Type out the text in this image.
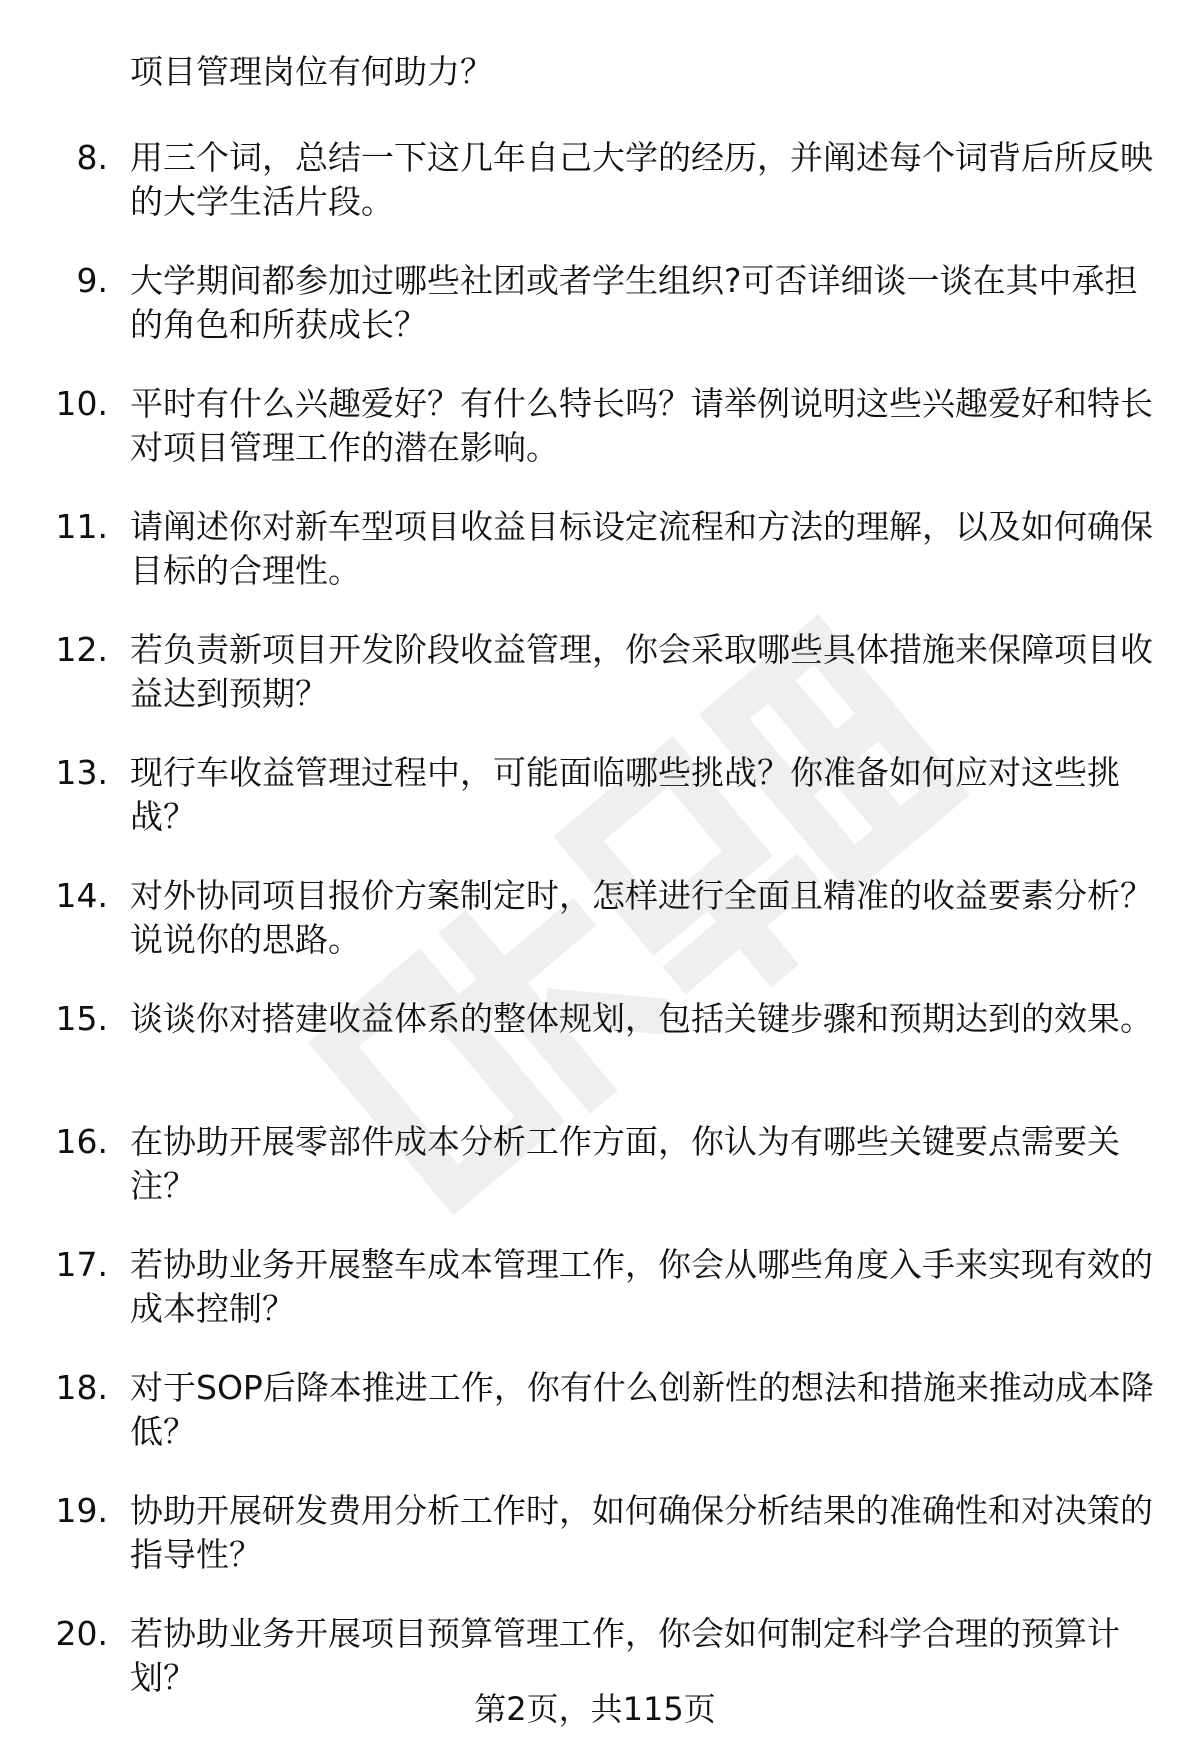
项目管理岗位有何助力？

8. 用三个词，总结一下这几年自己大学的经历，并阐述每个词背后所反映的大学生活片段。

9. 大学期间都参加过哪些社团或者学生组织?可否详细谈一谈在其中承担的角色和所获成长？

10. 平时有什么兴趣爱好？有什么特长吗？请举例说明这些兴趣爱好和特长对项目管理工作的潜在影响。

11. 请阐述你对新车型项目收益目标设定流程和方法的理解，以及如何确保目标的合理性。

12. 若负责新项目开发阶段收益管理，你会采取哪些具体措施来保障项目收益达到预期？

13. 现行车收益管理过程中，可能面临哪些挑战？你准备如何应对这些挑战？

14. 对外协同项目报价方案制定时，怎样进行全面且精准的收益要素分析？说说你的思路。

15. 谈谈你对搭建收益体系的整体规划，包括关键步骤和预期达到的效果。

16. 在协助开展零部件成本分析工作方面，你认为有哪些关键要点需要关注？

17. 若协助业务开展整车成本管理工作，你会从哪些角度入手来实现有效的成本控制？

18. 对于SOP后降本推进工作，你有什么创新性的想法和措施来推动成本降低？

19. 协助开展研发费用分析工作时，如何确保分析结果的准确性和对决策的指导性？

20. 若协助业务开展项目预算管理工作，你会如何制定科学合理的预算计划？

第2页，共115页
